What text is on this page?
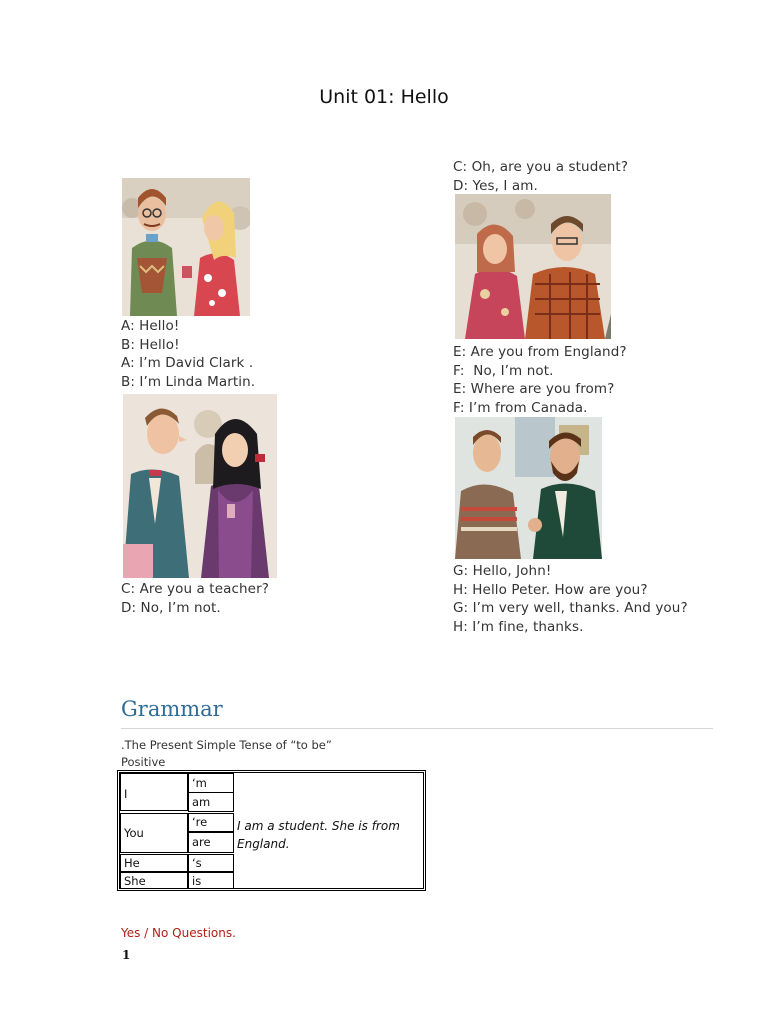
Unit 01: Hello
A: Hello!
B: Hello!
A: I’m David Clark .
B: I’m Linda Martin.
C: Are you a teacher?
D: No, I’m not.
C: Oh, are you a student?
D: Yes, I am.
E: Are you from England?
F:  No, I’m not.
E: Where are you from?
F: I’m from Canada.
G: Hello, John!
H: Hello Peter. How are you?
G: I’m very well, thanks. And you?
H: I’m fine, thanks.
Grammar
.The Present Simple Tense of “to be”
Positive
I
You
He
She
‘m
am
‘re
are
‘s
is
I am a student. She is from England.
Yes / No Questions.
1
